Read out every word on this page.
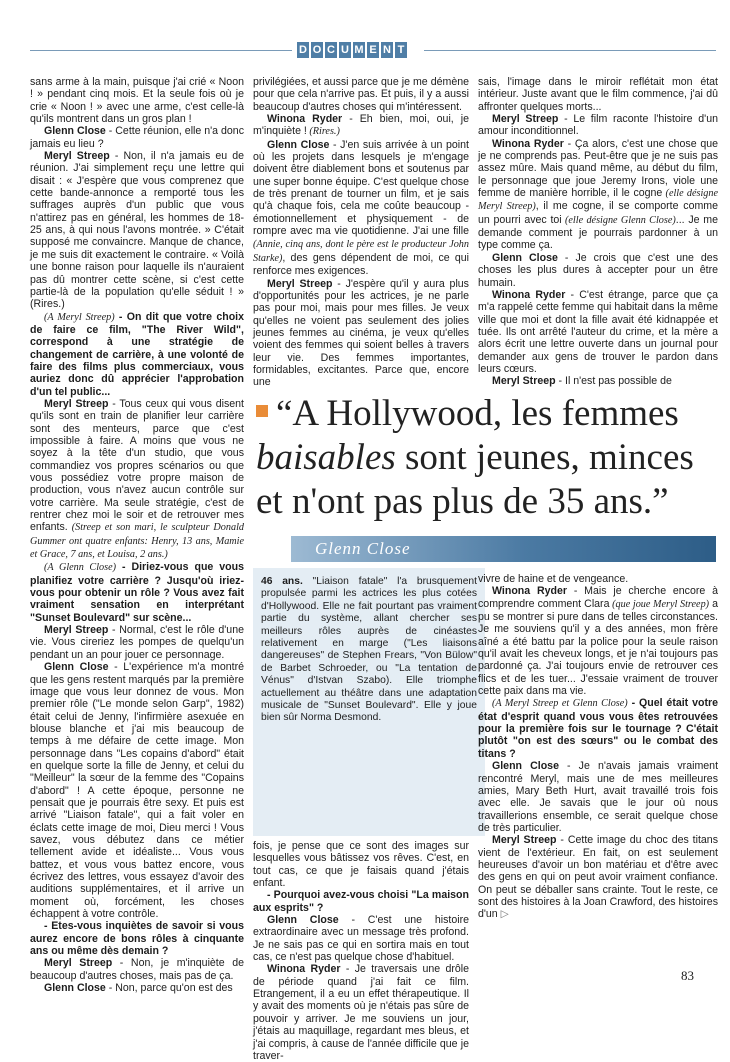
D O C U M E N T

sans arme à la main, puisque j'ai crié « Noon ! » pendant cinq mois. Et la seule fois où je crie « Noon ! » avec une arme, c'est celle-là qu'ils montrent dans un gros plan !

Glenn Close - Cette réunion, elle n'a donc jamais eu lieu ?

Meryl Streep - Non, il n'a jamais eu de réunion. J'ai simplement reçu une lettre qui disait : « J'espère que vous comprenez que cette bande-annonce a remporté tous les suffrages auprès d'un public que vous n'attirez pas en général, les hommes de 18-25 ans, à qui nous l'avons montrée. » C'était supposé me convaincre. Manque de chance, je me suis dit exactement le contraire. « Voilà une bonne raison pour laquelle ils n'auraient pas dû montrer cette scène, si c'est cette partie-là de la population qu'elle séduit ! » (Rires.)

(A Meryl Streep) - On dit que votre choix de faire ce film, "The River Wild", correspond à une stratégie de changement de carrière, à une volonté de faire des films plus commerciaux, vous auriez donc dû apprécier l'approbation d'un tel public...

Meryl Streep - Tous ceux qui vous disent qu'ils sont en train de planifier leur carrière sont des menteurs, parce que c'est impossible à faire. A moins que vous ne soyez à la tête d'un studio, que vous commandiez vos propres scénarios ou que vous possédiez votre propre maison de production, vous n'avez aucun contrôle sur votre carrière. Ma seule stratégie, c'est de rentrer chez moi le soir et de retrouver mes enfants. (Streep et son mari, le sculpteur Donald Gummer ont quatre enfants: Henry, 13 ans, Mamie et Grace, 7 ans, et Louisa, 2 ans.)

(A Glenn Close) - Diriez-vous que vous planifiez votre carrière ? Jusqu'où iriez-vous pour obtenir un rôle ? Vous avez fait vraiment sensation en interprétant "Sunset Boulevard" sur scène...

Meryl Streep - Normal, c'est le rôle d'une vie. Vous cireriez les pompes de quelqu'un pendant un an pour jouer ce personnage.

Glenn Close - L'expérience m'a montré que les gens restent marqués par la première image que vous leur donnez de vous. Mon premier rôle ("Le monde selon Garp", 1982) était celui de Jenny, l'infirmière asexuée en blouse blanche et j'ai mis beaucoup de temps à me défaire de cette image. Mon personnage dans "Les copains d'abord" était en quelque sorte la fille de Jenny, et celui du "Meilleur" la sœur de la femme des "Copains d'abord" ! A cette époque, personne ne pensait que je pourrais être sexy. Et puis est arrivé "Liaison fatale", qui a fait voler en éclats cette image de moi, Dieu merci ! Vous savez, vous débutez dans ce métier tellement avide et idéaliste... Vous vous battez, et vous vous battez encore, vous écrivez des lettres, vous essayez d'avoir des auditions supplémentaires, et il arrive un moment où, forcément, les choses échappent à votre contrôle.

- Etes-vous inquiètes de savoir si vous aurez encore de bons rôles à cinquante ans ou même dès demain ?

Meryl Streep - Non, je m'inquiète de beaucoup d'autres choses, mais pas de ça.

Glenn Close - Non, parce qu'on est des

privilégiées, et aussi parce que je me démène pour que cela n'arrive pas. Et puis, il y a aussi beaucoup d'autres choses qui m'intéressent.

Winona Ryder - Eh bien, moi, oui, je m'inquiète ! (Rires.)

Glenn Close - J'en suis arrivée à un point où les projets dans lesquels je m'engage doivent être diablement bons et soutenus par une super bonne équipe. C'est quelque chose de très prenant de tourner un film, et je sais qu'à chaque fois, cela me coûte beaucoup - émotionnellement et physiquement - de rompre avec ma vie quotidienne. J'ai une fille (Annie, cinq ans, dont le père est le producteur John Starke), des gens dépendent de moi, ce qui renforce mes exigences.

Meryl Streep - J'espère qu'il y aura plus d'opportunités pour les actrices, je ne parle pas pour moi, mais pour mes filles. Je veux qu'elles ne voient pas seulement des jolies jeunes femmes au cinéma, je veux qu'elles voient des femmes qui soient belles à travers leur vie. Des femmes importantes, formidables, excitantes. Parce que, encore une

sais, l'image dans le miroir reflétait mon état intérieur. Juste avant que le film commence, j'ai dû affronter quelques morts...

Meryl Streep - Le film raconte l'histoire d'un amour inconditionnel.

Winona Ryder - Ça alors, c'est une chose que je ne comprends pas. Peut-être que je ne suis pas assez mûre. Mais quand même, au début du film, le personnage que joue Jeremy Irons, viole une femme de manière horrible, il le cogne (elle désigne Meryl Streep), il me cogne, il se comporte comme un pourri avec toi (elle désigne Glenn Close)... Je me demande comment je pourrais pardonner à un type comme ça.

Glenn Close - Je crois que c'est une des choses les plus dures à accepter pour un être humain.

Winona Ryder - C'est étrange, parce que ça m'a rappelé cette femme qui habitait dans la même ville que moi et dont la fille avait été kidnappée et tuée. Ils ont arrêté l'auteur du crime, et la mère a alors écrit une lettre ouverte dans un journal pour demander aux gens de trouver le pardon dans leurs cœurs.

Meryl Streep - Il n'est pas possible de

“A Hollywood, les femmes
baisables sont jeunes, minces
et n'ont pas plus de 35 ans.”
Glenn Close
46 ans. "Liaison fatale" l'a brusquement propulsée parmi les actrices les plus cotées d'Hollywood. Elle ne fait pourtant pas vraiment partie du système, allant chercher ses meilleurs rôles auprès de cinéastes relativement en marge ("Les liaisons dangereuses" de Stephen Frears, "Von Bülow" de Barbet Schroeder, ou "La tentation de Vénus" d'Istvan Szabo). Elle triomphe actuellement au théâtre dans une adaptation musicale de "Sunset Boulevard". Elle y joue bien sûr Norma Desmond.

fois, je pense que ce sont des images sur lesquelles vous bâtissez vos rêves. C'est, en tout cas, ce que je faisais quand j'étais enfant.

- Pourquoi avez-vous choisi "La maison aux esprits" ?

Glenn Close - C'est une histoire extraordinaire avec un message très profond. Je ne sais pas ce qui en sortira mais en tout cas, ce n'est pas quelque chose d'habituel.

Winona Ryder - Je traversais une drôle de période quand j'ai fait ce film. Etrangement, il a eu un effet thérapeutique. Il y avait des moments où je n'étais pas sûre de pouvoir y arriver. Je me souviens un jour, j'étais au maquillage, regardant mes bleus, et j'ai compris, à cause de l'année difficile que je traver-

vivre de haine et de vengeance.

Winona Ryder - Mais je cherche encore à comprendre comment Clara (que joue Meryl Streep) a pu se montrer si pure dans de telles circonstances. Je me souviens qu'il y a des années, mon frère aîné a été battu par la police pour la seule raison qu'il avait les cheveux longs, et je n'ai toujours pas pardonné ça. J'ai toujours envie de retrouver ces flics et de les tuer... J'essaie vraiment de trouver cette paix dans ma vie.

(A Meryl Streep et Glenn Close) - Quel était votre état d'esprit quand vous vous êtes retrouvées pour la première fois sur le tournage ? C'était plutôt "on est des sœurs" ou le combat des titans ?

Glenn Close - Je n'avais jamais vraiment rencontré Meryl, mais une de mes meilleures amies, Mary Beth Hurt, avait travaillé trois fois avec elle. Je savais que le jour où nous travaillerions ensemble, ce serait quelque chose de très particulier.

Meryl Streep - Cette image du choc des titans vient de l'extérieur. En fait, on est seulement heureuses d'avoir un bon matériau et d'être avec des gens en qui on peut avoir vraiment confiance. On peut se déballer sans crainte. Tout le reste, ce sont des histoires à la Joan Crawford, des histoires d'un ▷

83
